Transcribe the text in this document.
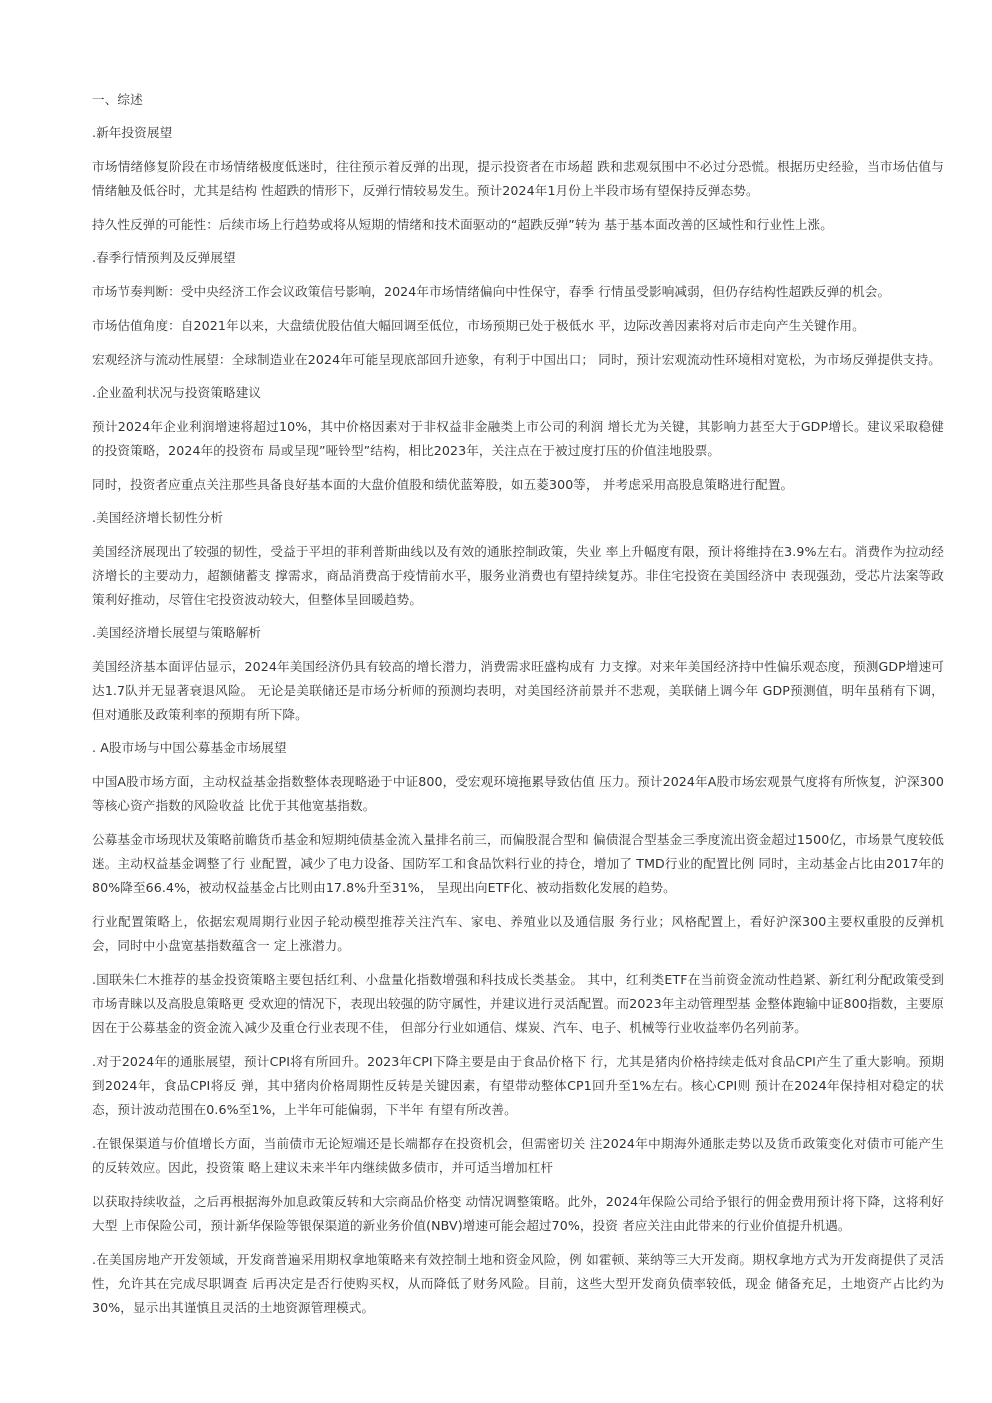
一、综述
.新年投资展望
市场情绪修复阶段在市场情绪极度低迷时，往往预示着反弹的出现，提示投资者在市场超 跌和悲观氛围中不必过分恐慌。根据历史经验，当市场估值与情绪触及低谷时，尤其是结构 性超跌的情形下，反弹行情较易发生。预计2024年1月份上半段市场有望保持反弹态势。
持久性反弹的可能性：后续市场上行趋势或将从短期的情绪和技术面驱动的“超跌反弹”转为 基于基本面改善的区域性和行业性上涨。
.春季行情预判及反弹展望
市场节奏判断：受中央经济工作会议政策信号影响，2024年市场情绪偏向中性保守，春季 行情虽受影响减弱，但仍存结构性超跌反弹的机会。
市场估值角度：自2021年以来，大盘绩优股估值大幅回调至低位，市场预期已处于极低水 平，边际改善因素将对后市走向产生关键作用。
宏观经济与流动性展望：全球制造业在2024年可能呈现底部回升迹象，有利于中国出口； 同时，预计宏观流动性环境相对宽松，为市场反弹提供支持。
.企业盈利状况与投资策略建议
预计2024年企业利润增速将超过10%，其中价格因素对于非权益非金融类上市公司的利润 增长尤为关键，其影响力甚至大于GDP增长。建议采取稳健的投资策略，2024年的投资布 局或呈现”哑铃型”结构，相比2023年，关注点在于被过度打压的价值洼地股票。
同时，投资者应重点关注那些具备良好基本面的大盘价值股和绩优蓝筹股，如五菱300等， 并考虑采用高股息策略进行配置。
.美国经济增长韧性分析
美国经济展现出了较强的韧性，受益于平坦的菲利普斯曲线以及有效的通胀控制政策，失业 率上升幅度有限，预计将维持在3.9%左右。消费作为拉动经济增长的主要动力，超额储蓄支 撑需求，商品消费高于疫情前水平，服务业消费也有望持续复苏。非住宅投资在美国经济中 表现强劲，受芯片法案等政策利好推动，尽管住宅投资波动较大，但整体呈回暖趋势。
.美国经济增长展望与策略解析
美国经济基本面评估显示，2024年美国经济仍具有较高的增长潜力，消费需求旺盛构成有 力支撑。对来年美国经济持中性偏乐观态度，预测GDP增速可达1.7队并无显著衰退风险。 无论是美联储还是市场分析师的预测均表明，对美国经济前景并不悲观，美联储上调今年 GDP预测值，明年虽稍有下调，但对通胀及政策利率的预期有所下降。
. A股市场与中国公募基金市场展望
中国A股市场方面，主动权益基金指数整体表现略逊于中证800，受宏观环境拖累导致估值 压力。预计2024年A股市场宏观景气度将有所恢复，沪深300等核心资产指数的风险收益 比优于其他宽基指数。
公募基金市场现状及策略前瞻货币基金和短期纯债基金流入量排名前三，而偏股混合型和 偏债混合型基金三季度流出资金超过1500亿，市场景气度较低迷。主动权益基金调整了行 业配置，减少了电力设备、国防军工和食品饮料行业的持仓，增加了 TMD行业的配置比例 同时，主动基金占比由2017年的80%降至66.4%，被动权益基金占比则由17.8%升至31%， 呈现出向ETF化、被动指数化发展的趋势。
行业配置策略上，依据宏观周期行业因子轮动模型推荐关注汽车、家电、养殖业以及通信服 务行业；风格配置上，看好沪深300主要权重股的反弹机会，同时中小盘宽基指数蕴含一 定上涨潜力。
.国联朱仁木推荐的基金投资策略主要包括红利、小盘量化指数增强和科技成长类基金。 其中，红利类ETF在当前资金流动性趋紧、新红利分配政策受到市场青睐以及高股息策略更 受欢迎的情况下，表现出较强的防守属性，并建议进行灵活配置。而2023年主动管理型基 金整体跑输中证800指数，主要原因在于公募基金的资金流入减少及重仓行业表现不佳， 但部分行业如通信、煤炭、汽车、电子、机械等行业收益率仍名列前茅。
.对于2024年的通胀展望，预计CPI将有所回升。2023年CPI下降主要是由于食品价格下 行，尤其是猪肉价格持续走低对食品CPI产生了重大影响。预期到2024年，食品CPI将反 弹，其中猪肉价格周期性反转是关键因素，有望带动整体CP1回升至1%左右。核心CPI则 预计在2024年保持相对稳定的状态，预计波动范围在0.6%至1%，上半年可能偏弱，下半年 有望有所改善。
.在银保渠道与价值增长方面，当前债市无论短端还是长端都存在投资机会，但需密切关 注2024年中期海外通胀走势以及货币政策变化对债市可能产生的反转效应。因此，投资策 略上建议未来半年内继续做多债市，并可适当增加杠杆
以获取持续收益，之后再根据海外加息政策反转和大宗商品价格变 动情况调整策略。此外，2024年保险公司给予银行的佣金费用预计将下降，这将利好大型 上市保险公司，预计新华保险等银保渠道的新业务价值(NBV)增速可能会超过70%，投资 者应关注由此带来的行业价值提升机遇。
.在美国房地产开发领域，开发商普遍采用期权拿地策略来有效控制土地和资金风险，例 如霍顿、莱纳等三大开发商。期权拿地方式为开发商提供了灵活性，允许其在完成尽职调查 后再决定是否行使购买权，从而降低了财务风险。目前，这些大型开发商负债率较低，现金 储备充足，土地资产占比约为30%，显示出其谨慎且灵活的土地资源管理模式。
